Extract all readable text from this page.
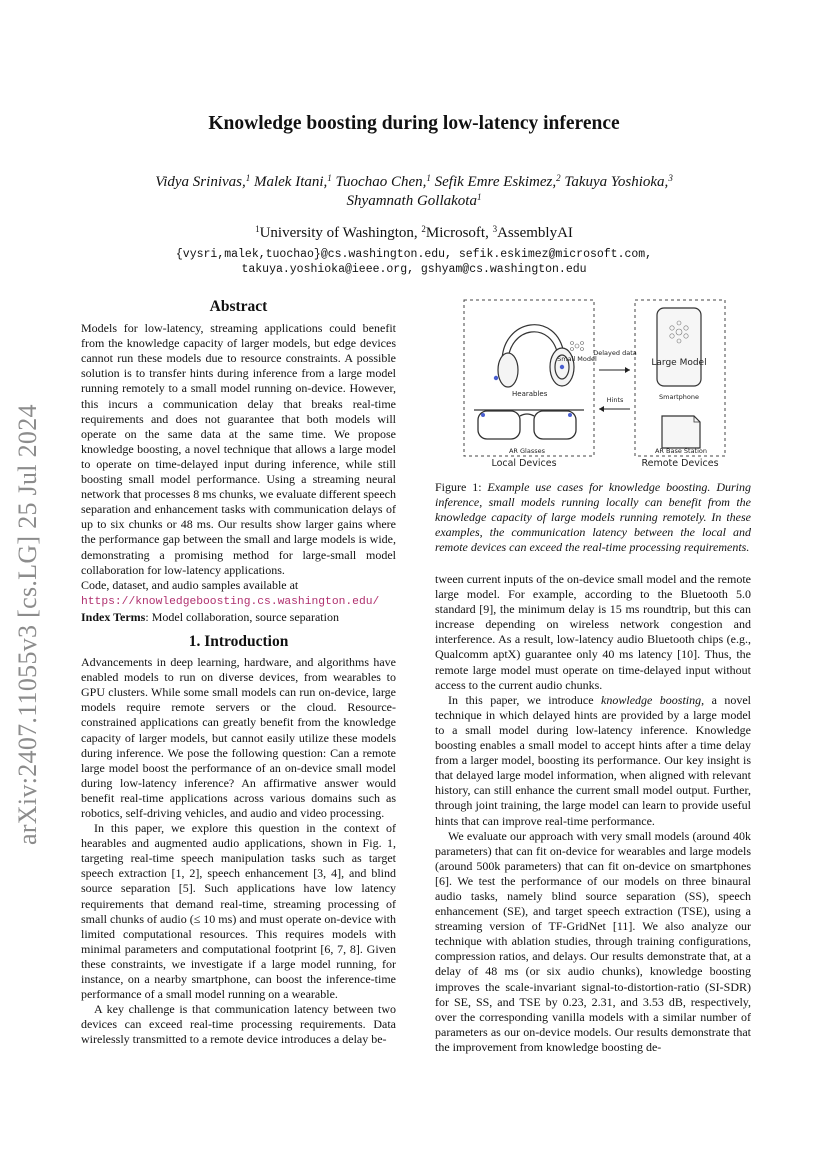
arXiv:2407.11055v3 [cs.LG] 25 Jul 2024
Knowledge boosting during low-latency inference
Vidya Srinivas,$^1$ Malek Itani,$^1$ Tuochao Chen,$^1$ Sefik Emre Eskimez,$^2$ Takuya Yoshioka,$^3$
Shyamnath Gollakota$^1$
$^1$University of Washington, $^2$Microsoft, $^3$AssemblyAI
{vysri,malek,tuochao}@cs.washington.edu, sefik.eskimez@microsoft.com,
takuya.yoshioka@ieee.org, gshyam@cs.washington.edu
Abstract

Models for low-latency, streaming applications could benefit from the knowledge capacity of larger models, but edge devices cannot run these models due to resource constraints. A possible solution is to transfer hints during inference from a large model running remotely to a small model running on-device. However, this incurs a communication delay that breaks real-time requirements and does not guarantee that both models will operate on the same data at the same time. We propose knowledge boosting, a novel technique that allows a large model to operate on time-delayed input during inference, while still boosting small model performance. Using a streaming neural network that processes 8 ms chunks, we evaluate different speech separation and enhancement tasks with communication delays of up to six chunks or 48 ms. Our results show larger gains where the performance gap between the small and large models is wide, demonstrating a promising method for large-small model collaboration for low-latency applications.

Code, dataset, and audio samples available at https://knowledgeboosting.cs.washington.edu/

Index Terms: Model collaboration, source separation

1. Introduction

Advancements in deep learning, hardware, and algorithms have enabled models to run on diverse devices, from wearables to GPU clusters. While some small models can run on-device, large models require remote servers or the cloud. Resource-constrained applications can greatly benefit from the knowledge capacity of larger models, but cannot easily utilize these models during inference. We pose the following question: Can a remote large model boost the performance of an on-device small model during low-latency inference? An affirmative answer would benefit real-time applications across various domains such as robotics, self-driving vehicles, and audio and video processing.

In this paper, we explore this question in the context of hearables and augmented audio applications, shown in Fig. 1, targeting real-time speech manipulation tasks such as target speech extraction [1, 2], speech enhancement [3, 4], and blind source separation [5]. Such applications have low latency requirements that demand real-time, streaming processing of small chunks of audio (≤ 10 ms) and must operate on-device with limited computational resources. This requires models with minimal parameters and computational footprint [6, 7, 8]. Given these constraints, we investigate if a large model running, for instance, on a nearby smartphone, can boost the inference-time performance of a small model running on a wearable.

A key challenge is that communication latency between two devices can exceed real-time processing requirements. Data wirelessly transmitted to a remote device introduces a delay be-

Small Model
Hearables
AR Glasses
Delayed data
Hints
Large Model
Smartphone
AR Base Station
Local Devices	Remote Devices
Figure 1: Example use cases for knowledge boosting. During inference, small models running locally can benefit from the knowledge capacity of large models running remotely. In these examples, the communication latency between the local and remote devices can exceed the real-time processing requirements.

tween current inputs of the on-device small model and the remote large model. For example, according to the Bluetooth 5.0 standard [9], the minimum delay is 15 ms roundtrip, but this can increase depending on wireless network congestion and interference. As a result, low-latency audio Bluetooth chips (e.g., Qualcomm aptX) guarantee only 40 ms latency [10]. Thus, the remote large model must operate on time-delayed input without access to the current audio chunks.

In this paper, we introduce knowledge boosting, a novel technique in which delayed hints are provided by a large model to a small model during low-latency inference. Knowledge boosting enables a small model to accept hints after a time delay from a larger model, boosting its performance. Our key insight is that delayed large model information, when aligned with relevant history, can still enhance the current small model output. Further, through joint training, the large model can learn to provide useful hints that can improve real-time performance.

We evaluate our approach with very small models (around 40k parameters) that can fit on-device for wearables and large models (around 500k parameters) that can fit on-device on smartphones [6]. We test the performance of our models on three binaural audio tasks, namely blind source separation (SS), speech enhancement (SE), and target speech extraction (TSE), using a streaming version of TF-GridNet [11]. We also analyze our technique with ablation studies, through training configurations, compression ratios, and delays. Our results demonstrate that, at a delay of 48 ms (or six audio chunks), knowledge boosting improves the scale-invariant signal-to-distortion-ratio (SI-SDR) for SE, SS, and TSE by 0.23, 2.31, and 3.53 dB, respectively, over the corresponding vanilla models with a similar number of parameters as our on-device models. Our results demonstrate that the improvement from knowledge boosting de-
